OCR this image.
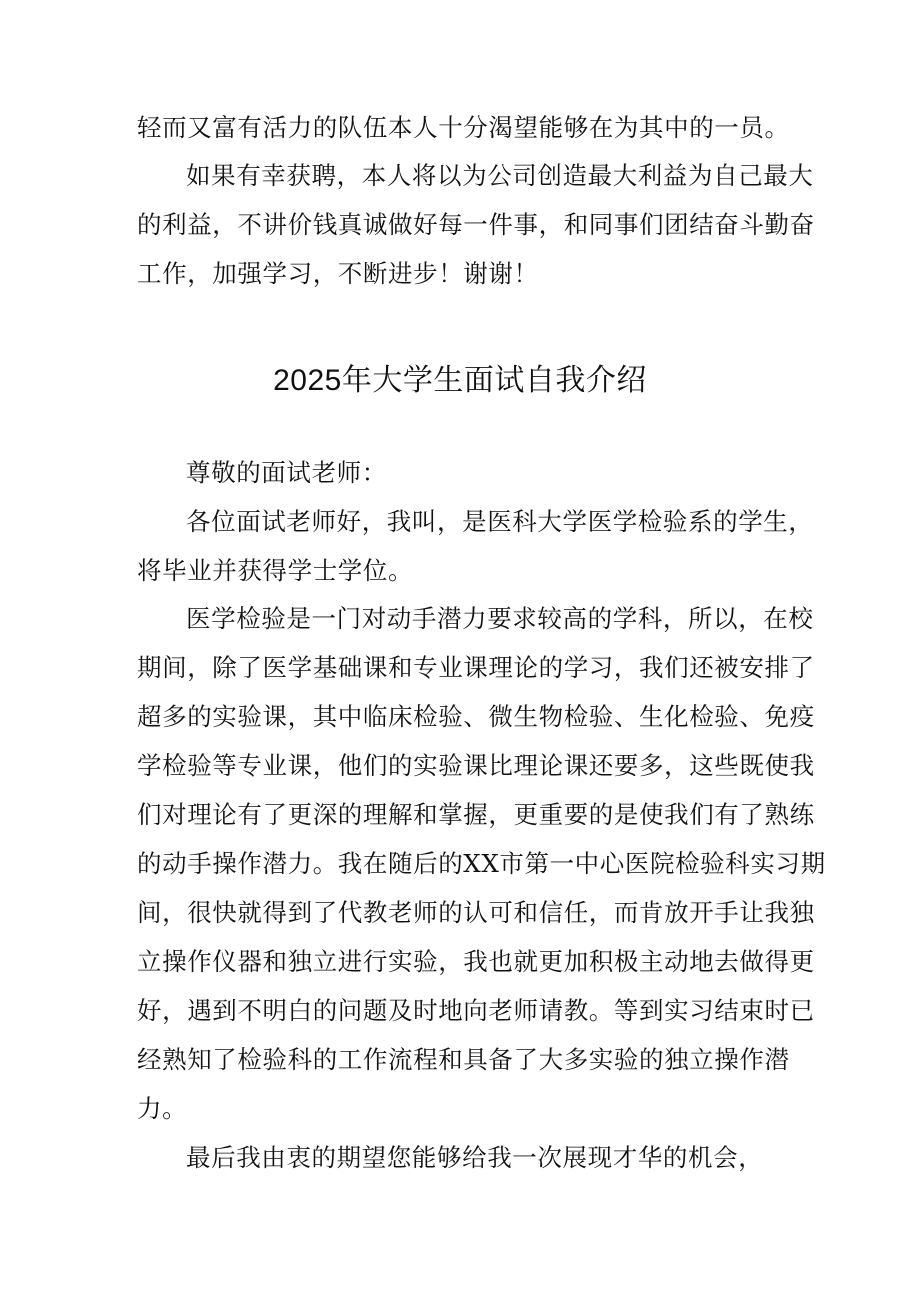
轻而又富有活力的队伍本人十分渴望能够在为其中的一员。
如果有幸获聘，本人将以为公司创造最大利益为自己最大
的利益，不讲价钱真诚做好每一件事，和同事们团结奋斗勤奋
工作，加强学习，不断进步！谢谢！
2025年大学生面试自我介绍
尊敬的面试老师：
各位面试老师好，我叫，是医科大学医学检验系的学生，
将毕业并获得学士学位。
医学检验是一门对动手潜力要求较高的学科，所以，在校
期间，除了医学基础课和专业课理论的学习，我们还被安排了
超多的实验课，其中临床检验、微生物检验、生化检验、免疫
学检验等专业课，他们的实验课比理论课还要多，这些既使我
们对理论有了更深的理解和掌握，更重要的是使我们有了熟练
的动手操作潜力。我在随后的XX市第一中心医院检验科实习期
间，很快就得到了代教老师的认可和信任，而肯放开手让我独
立操作仪器和独立进行实验，我也就更加积极主动地去做得更
好，遇到不明白的问题及时地向老师请教。等到实习结束时已
经熟知了检验科的工作流程和具备了大多实验的独立操作潜
力。
最后我由衷的期望您能够给我一次展现才华的机会，
